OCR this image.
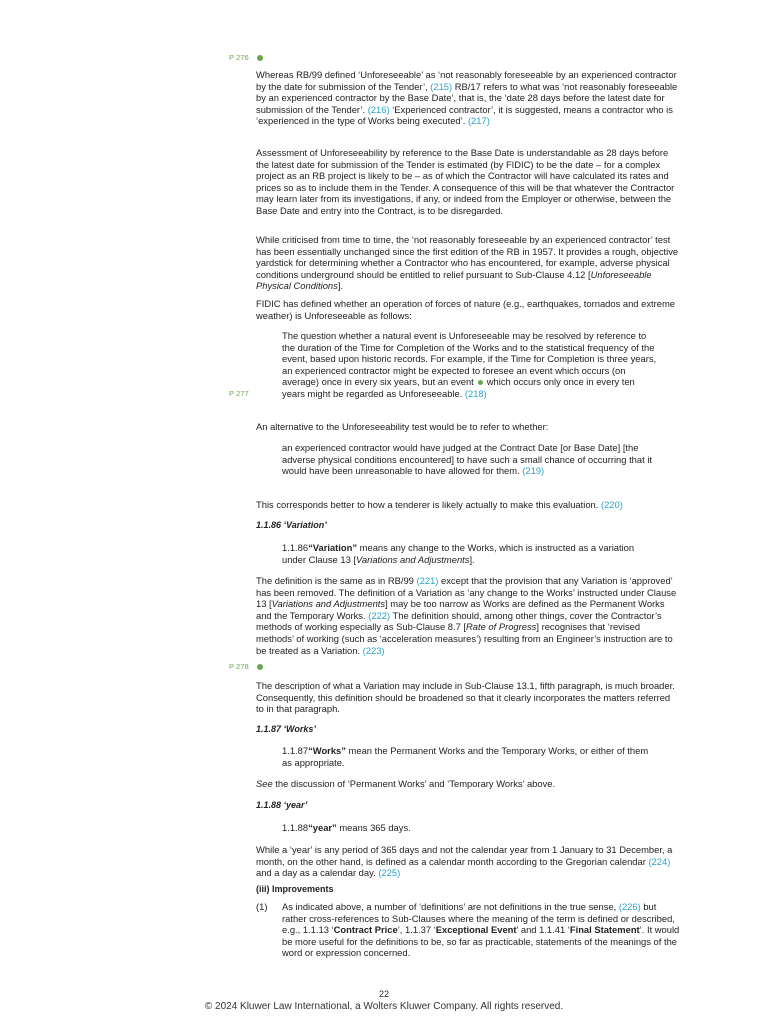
P 276

Whereas RB/99 defined ‘Unforeseeable’ as ‘not reasonably foreseeable by an experienced contractor by the date for submission of the Tender’, (215) RB/17 refers to what was ‘not reasonably foreseeable by an experienced contractor by the Base Date’, that is, the ‘date 28 days before the latest date for submission of the Tender’. (216) ‘Experienced contractor’, it is suggested, means a contractor who is ‘experienced in the type of Works being executed’. (217)

Assessment of Unforeseeability by reference to the Base Date is understandable as 28 days before the latest date for submission of the Tender is estimated (by FIDIC) to be the date – for a complex project as an RB project is likely to be – as of which the Contractor will have calculated its rates and prices so as to include them in the Tender. A consequence of this will be that whatever the Contractor may learn later from its investigations, if any, or indeed from the Employer or otherwise, between the Base Date and entry into the Contract, is to be disregarded.

While criticised from time to time, the ‘not reasonably foreseeable by an experienced contractor’ test has been essentially unchanged since the first edition of the RB in 1957. It provides a rough, objective yardstick for determining whether a Contractor who has encountered, for example, adverse physical conditions underground should be entitled to relief pursuant to Sub-Clause 4.12 [Unforeseeable Physical Conditions].

FIDIC has defined whether an operation of forces of nature (e.g., earthquakes, tornados and extreme weather) is Unforeseeable as follows:

The question whether a natural event is Unforeseeable may be resolved by reference to the duration of the Time for Completion of the Works and to the statistical frequency of the event, based upon historic records. For example, if the Time for Completion is three years, an experienced contractor might be expected to foresee an event which occurs (on average) once in every six years, but an event which occurs only once in every ten years might be regarded as Unforeseeable. (218)

P 277

An alternative to the Unforeseeability test would be to refer to whether:

an experienced contractor would have judged at the Contract Date [or Base Date] [the adverse physical conditions encountered] to have such a small chance of occurring that it would have been unreasonable to have allowed for them. (219)

This corresponds better to how a tenderer is likely actually to make this evaluation. (220)

1.1.86 ‘Variation’

1.1.86“Variation” means any change to the Works, which is instructed as a variation under Clause 13 [Variations and Adjustments].

The definition is the same as in RB/99 (221) except that the provision that any Variation is ‘approved’ has been removed. The definition of a Variation as ‘any change to the Works’ instructed under Clause 13 [Variations and Adjustments] may be too narrow as Works are defined as the Permanent Works and the Temporary Works. (222) The definition should, among other things, cover the Contractor’s methods of working especially as Sub-Clause 8.7 [Rate of Progress] recognises that ‘revised methods’ of working (such as ‘acceleration measures’) resulting from an Engineer’s instruction are to be treated as a Variation. (223)

P 278

The description of what a Variation may include in Sub-Clause 13.1, fifth paragraph, is much broader. Consequently, this definition should be broadened so that it clearly incorporates the matters referred to in that paragraph.

1.1.87 ‘Works’

1.1.87“Works” mean the Permanent Works and the Temporary Works, or either of them as appropriate.

See the discussion of ‘Permanent Works’ and ‘Temporary Works’ above.

1.1.88 ‘year’

1.1.88“year” means 365 days.

While a ‘year’ is any period of 365 days and not the calendar year from 1 January to 31 December, a month, on the other hand, is defined as a calendar month according to the Gregorian calendar (224) and a day as a calendar day. (225)

(iii) Improvements
(1) As indicated above, a number of ‘definitions’ are not definitions in the true sense, (226) but rather cross-references to Sub-Clauses where the meaning of the term is defined or described, e.g., 1.1.13 ‘Contract Price’, 1.1.37 ‘Exceptional Event’ and 1.1.41 ‘Final Statement’. It would be more useful for the definitions to be, so far as practicable, statements of the meanings of the word or expression concerned.

22
© 2024 Kluwer Law International, a Wolters Kluwer Company. All rights reserved.
